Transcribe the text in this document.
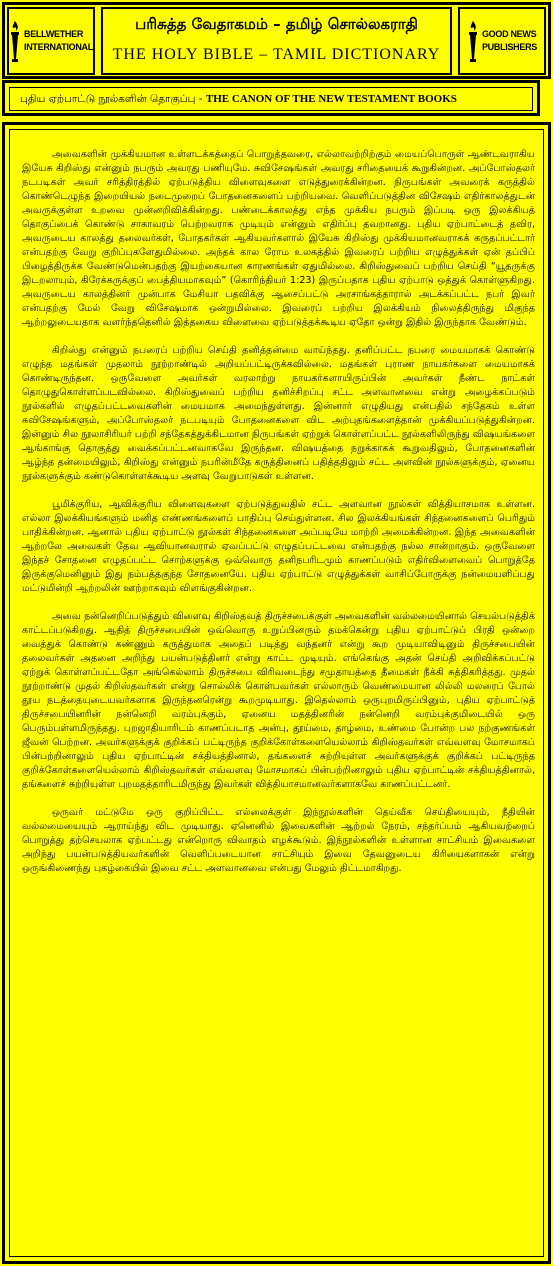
BELLWETHER
INTERNATIONAL
பரிசுத்த வேதாகமம் – தமிழ் சொல்லகராதி
THE HOLY BIBLE – TAMIL DICTIONARY
GOOD NEWS
PUBLISHERS
புதிய ஏற்பாட்டு நூல்களின் தொகுப்பு - THE CANON OF THE NEW TESTAMENT BOOKS

அவைகளின் முக்கியமான உள்ளடக்கத்தைப் பொறுத்தவரை, எல்லாவற்றிற்கும் மையப்பொருள் ஆண்டவராகிய இயேசு கிறிஸ்து என்னும் நபரும் அவரது பணியுமே. சுவிசேஷங்கள் அவரது சரிதையைக் கூறுகின்றன. அப்போஸ்தலர் நடபடிகள் அவர் சரித்திரத்தில் ஏற்படுத்திய விளைவுகளை எடுத்துரைக்கின்றன. நிருபங்கள் அவரைக் கருத்தில் கொண்டெழுந்த இறையியல் நடைமுறைப் போதனைகளைப் பற்றியவை. வெளிப்படுத்தின விசேஷம் எதிர்காலத்துடன் அவருக்குள்ள உறவை முன்னறிவிக்கின்றது. பண்டைக்காலத்து எந்த முக்கிய நபரும் இப்படி ஒரு இலக்கியத் தொகுப்பைக் கொண்டு சாகாவரம் பெற்றவராக முடியும் என்னும் எதிர்ப்பு தவறானது. புதிய ஏற்பாட்டைத் தவிர, அவருடைய காலத்து தலைவர்கள், போதகர்கள் ஆகியவர்களால் இயேசு கிறிஸ்து முக்கியமானவராகக் கருதப்பட்டார் என்பதற்கு வேறு குறிப்புகளேதுமில்லை. அந்தக் கால ரோம உலகத்தில் இவரைப் பற்றிய எழுத்துக்கள் ஏன் தப்பிப் பிழைத்திருக்க வேண்டுமென்பதற்கு இயற்கையான காரணங்கள் ஏதுமில்லை. கிறிஸ்துவைப் பற்றிய செய்தி “யூதருக்கு இடறலாயும், கிரேக்கருக்குப் பைத்தியமாகவும்” (கொரிந்தியர் 1:23) இருப்பதாக புதிய ஏற்பாடு ஒத்துக் கொள்ளுகிறது. அவருடைய காலத்தினர் முன்பாக மேசியா பதவிக்கு ஆசைப்பட்டு அரசாங்கத்தாரால் அடக்கப்பட்ட நபர் இவர் என்பதற்கு மேல் வேறு விசேஷமாக ஒன்றுமில்லை. இவரைப் பற்றிய இலக்கியம் நிலைத்திருந்து மிகுந்த ஆற்றலுடையதாக வளர்ந்ததெனில் இத்தகைய விளைவை ஏற்படுத்தக்கூடிய ஏதோ ஒன்று இதில் இருந்தாக வேண்டும்.

கிறிஸ்து என்னும் நபரைப் பற்றிய செய்தி தனித்தன்மை வாய்ந்தது. தனிப்பட்ட நபரை மையமாகக் கொண்டு எழுந்த மதங்கள் முதலாம் நூற்றாண்டில் அறியப்பட்டிருக்கவில்லை. மதங்கள் புராண நாயகர்களை மையமாகக் கொண்டிருந்தன. ஒருவேளை அவர்கள் வரலாற்று நாயகர்களாயிருப்பின் அவர்கள் நீண்ட நாட்கள் தொழுதுகொள்ளப்படவில்லை. கிறிஸ்துவைப் பற்றிய தனிச்சிறப்பு சட்ட அளவானவை என்று அழைக்கப்படும் நூல்களில் எழுதப்பட்டவைகளின் மையமாக அமைந்துள்ளது. இன்னார் எழுதியது என்பதில் சந்தேகம் உள்ள சுவிசேஷங்களும், அப்போஸ்தலர் நடபடியும் போதனைகளை விட அற்புதங்களைத்தான் முக்கியப்படுத்துகின்றன. இன்னும் சில நூலாசிரியர் பற்றி சந்தேகத்துக்கிடமான நிருபங்கள் ஏற்றுக் கொள்ளப்பட்ட நூல்களிலிருந்து விஷயங்களை ஆங்காங்கு தொகுத்து வைக்கப்பட்டனவாகவே இருந்தன. விஷயத்தை நறுக்காகக் கூறுவதிலும், போதனைகளின் ஆழ்ந்த தன்மையிலும், கிறிஸ்து என்னும் நபரின்மீதே கருத்தினைப் பதித்ததிலும் சட்ட அளவின் நூல்களுக்கும், ஏனைய நூல்களுக்கும் கண்டுகொள்ளக்கூடிய அளவு வேறுபாடுகள் உள்ளன.

பூமிக்குரிய, ஆவிக்குரிய விளைவுகளை ஏற்படுத்துவதில் சட்ட அளவான நூல்கள் வித்தியாசமாக உள்ளன. எல்லா இலக்கியங்களும் மனித எண்ணங்களைப் பாதிப்பு செய்துள்ளன. சில இலக்கியங்கள் சிந்தனைகளைப் பெரிதும் பாதிக்கின்றன. ஆனால் புதிய ஏற்பாட்டு நூல்கள் சிந்தனைகளை அப்படியே மாற்றி அமைக்கின்றன. இந்த அவைகளின் ஆற்றலே அவைகள் தேவ ஆவியானவரால் ஏவப்பட்டு எழுதப்பட்டவை என்பதற்கு நல்ல சான்றாகும். ஒருவேளை இந்தச் சோதனை எழுதப்பட்ட சொற்களுக்கு ஒவ்வொரு தனிநபரிடமும் காணப்படும் எதிர்விளைவைப் பொறுத்தே இருக்குமெனினும் இது நம்பத்தகுந்த சோதனையே. புதிய ஏற்பாட்டு எழுத்துக்கள் வாசிப்போருக்கு நன்மையளிப்பது மட்டுமின்றி ஆற்றலின் ஊற்றாகவும் விளங்குகின்றன.

அவை நன்னெறிப்படுத்தும் விளைவு கிறிஸ்தவத் திருச்சபைக்குள் அவைகளின் வல்லமையினால் செயல்படுத்திக் காட்டப்படுகிறது. ஆதித் திருச்சபையின் ஒவ்வொரு உறுப்பினரும் தமக்கென்று புதிய ஏற்பாட்டுப் பிரதி ஒன்றை வைத்துக் கொண்டு கண்ணும் கருத்துமாக அதைப் படித்து வந்தனர் என்று கூற முடியாவிடினும் திருச்சபையின் தலைவர்கள் அதனை அறிந்து பயன்படுத்தினர் என்று காட்ட முடியும். எங்கெங்கு அதன் செய்தி அறிவிக்கப்பட்டு ஏற்றுக் கொள்ளப்பட்டதோ அங்கெல்லாம் திருச்சபை விரிவடைந்து சமுதாயத்தை தீமைகள் நீக்கி சுத்திகரித்தது. முதல் நூற்றாண்டு முதல் கிறிஸ்தவர்கள் என்று சொல்லிக் கொள்பவர்கள் எல்லாரும் வெண்மையான லில்லி மலரைப் போல் தூய நடத்தையுடையவர்களாக இருந்தனரென்று கூறமுடியாது. இதெல்லாம் ஒருபுறமிருப்பினும், புதிய ஏற்பாட்டுத் திருச்சபையினரின் நன்னெறி வரம்புக்கும், ஏனைய மதத்தினரின் நன்னெறி வரம்புக்குமிடையில் ஒரு பெரும்பள்ளமிருந்தது. புறஜாதியாரிடம் காணப்படாத அன்பு, தூய்மை, தாழ்மை, உண்மை போன்ற பல நற்குணங்கள் ஜீவன் பெற்றன. அவர்களுக்குக் குறிக்கப் பட்டிருந்த குறிக்கோள்களையெல்லாம் கிறிஸ்தவர்கள் எவ்வளவு மோசமாகப் பின்பற்றினாலும் புதிய ஏற்பாட்டின் சக்தியத்தினால், தங்களைச் சுற்றியுள்ள அவர்களுக்குக் குறிக்கப் பட்டிருந்த குறிக்கோள்களையெல்லாம் கிறிஸ்தவர்கள் எவ்வளவு மோசமாகப் பின்பற்றினாலும் புதிய ஏற்பாட்டின் சக்தியத்தினால், தங்களைச் சுற்றியுள்ள புறமதத்தாரிடமிருந்து இவர்கள் வித்தியாசமானவர்களாகவே காணப்பட்டனர்.

ஒருவர் மட்டுமே ஒரு குறிப்பிட்ட எல்லைக்குள் இந்நூல்களின் தெய்வீக செய்தியையும், நீதியின் வல்லமையையும் ஆராய்ந்து விட முடியாது. ஏனெனில் இவைகளின் ஆற்றல் நேரம், சந்தர்ப்பம் ஆகியவற்றைப் பொறுத்து தற்செயலாக ஏற்பட்டது என்றொரு விவாதம் எழக்கூடும். இந்நூல்களின் உள்ளான சாட்சியம் இவைகளை அறிந்து பயன்படுத்தியவர்களின் வெளிப்படையான சாட்சியும் இவை தேவனுடைய கிரியைகளாகன் என்று ஒருங்கிணைந்து புகழ்கையில் இவை சட்ட அளவானவை என்பது மேலும் திட்டமாகிறது.
